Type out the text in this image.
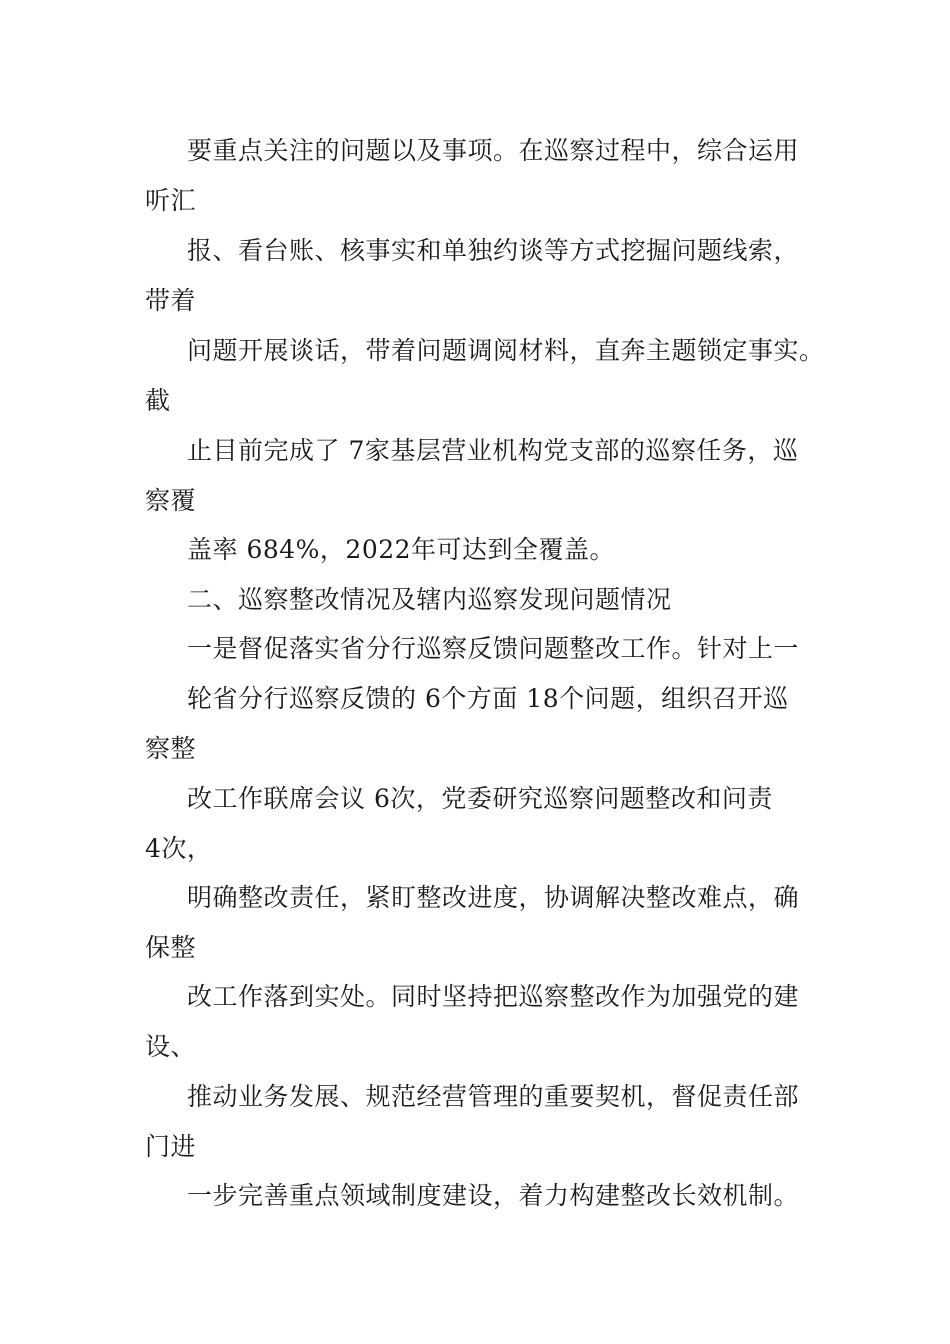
要重点关注的问题以及事项。在巡察过程中，综合运用
听汇
报、看台账、核事实和单独约谈等方式挖掘问题线索，
带着
问题开展谈话，带着问题调阅材料，直奔主题锁定事实。
截
止目前完成了 7家基层营业机构党支部的巡察任务，巡
察覆
盖率 684%，2022年可达到全覆盖。
二、巡察整改情况及辖内巡察发现问题情况
一是督促落实省分行巡察反馈问题整改工作。针对上一
轮省分行巡察反馈的 6个方面 18个问题，组织召开巡
察整
改工作联席会议 6次，党委研究巡察问题整改和问责
4次，
明确整改责任，紧盯整改进度，协调解决整改难点，确
保整
改工作落到实处。同时坚持把巡察整改作为加强党的建
设、
推动业务发展、规范经营管理的重要契机，督促责任部
门进
一步完善重点领域制度建设，着力构建整改长效机制。
